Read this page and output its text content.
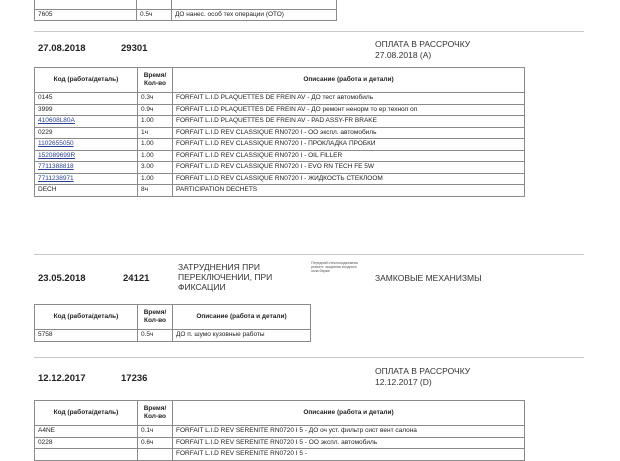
7605	0.5ч	ДО нанес. особ тех операции (ОТО)
27.08.2018	29301	ОПЛАТА В РАССРОЧКУ
27.08.2018 (A)
Код (работа/деталь)	Время/ Кол-во	Описание (работа и детали)
0145	0.3ч	FORFAIT L.I.D PLAQUETTES DE FREIN AV - ДО тест автомобиль
3999	0.9ч	FORFAIT L.I.D PLAQUETTES DE FREIN AV - ДО ремонт ненорм то ер технол оп
410608L80A	1.00	FORFAIT L.I.D PLAQUETTES DE FREIN AV - PAD ASSY-FR BRAKE
0229	1ч	FORFAIT L.I.D REV CLASSIQUE RN0720 I - ОО экспл. автомобиль
1102655050	1.00	FORFAIT L.I.D REV CLASSIQUE RN0720 I - ПРОКЛАДКА ПРОБКИ
152089699R	1.00	FORFAIT L.I.D REV CLASSIQUE RN0720 I - OIL FILLER
7711388818	3.00	FORFAIT L.I.D REV CLASSIQUE RN0720 I - EVO RN TECH FE 5W
7711238971	1.00	FORFAIT L.I.D REV CLASSIQUE RN0720 I - ЖИДКОСТЬ СТЕКЛООМ
DECH	8ч	PARTICIPATION DECHETS
23.05.2018	24121
ЗАТРУДНЕНИЯ ПРИ ПЕРЕКЛЮЧЕНИИ, ПРИ ФИКСАЦИИ
Передний стеклоподъемник ремонт: защитник входного окна бирже
ЗАМКОВЫЕ МЕХАНИЗМЫ
Код (работа/деталь)	Время/ Кол-во	Описание (работа и детали)
5758	0.5ч	ДО п. шумо кузовные работы
12.12.2017	17236
ОПЛАТА В РАССРОЧКУ
12.12.2017 (D)
Код (работа/деталь)	Время/ Кол-во	Описание (работа и детали)
A4NE	0.1ч	FORFAIT L.I.D REV SERENITE RN0720 I 5 - ДО оч уст. фильтр сист вент салона
0228	0.6ч	FORFAIT L.I.D REV SERENITE RN0720 I 5 - ОО экспл. автомобиль
		FORFAIT L.I.D REV SERENITE RN0720 I 5 -
